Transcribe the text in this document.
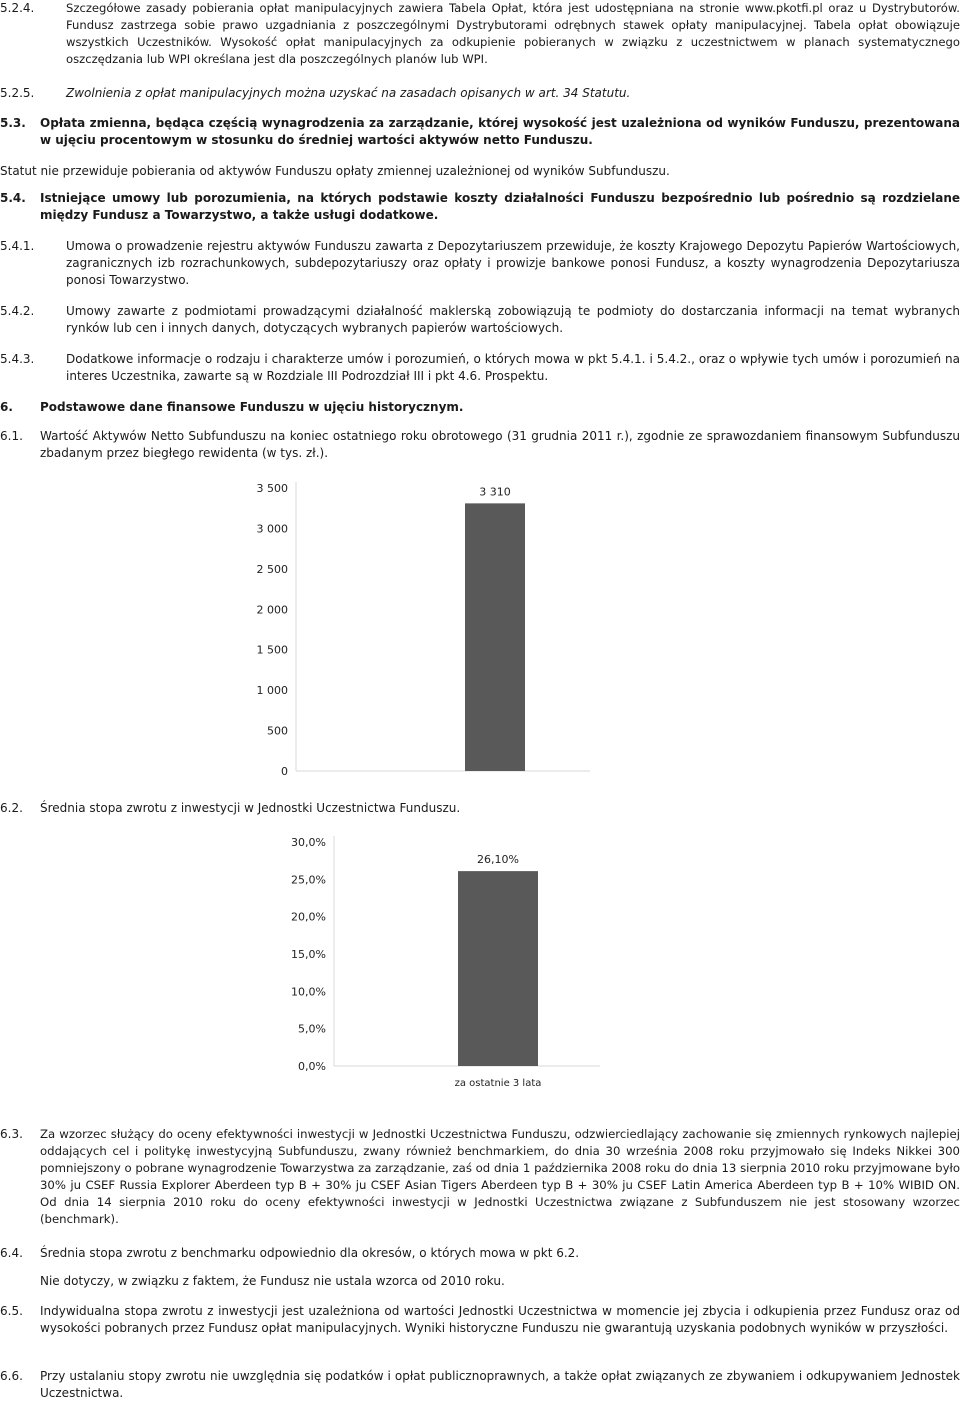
5.2.4.	Szczegółowe zasady pobierania opłat manipulacyjnych zawiera Tabela Opłat, która jest udostępniana na stronie www.pkotfi.pl oraz u Dystrybutorów. Fundusz zastrzega sobie prawo uzgadniania z poszczególnymi Dystrybutorami odrębnych stawek opłaty manipulacyjnej. Tabela opłat obowiązuje wszystkich Uczestników. Wysokość opłat manipulacyjnych za odkupienie pobieranych w związku z uczestnictwem w planach systematycznego oszczędzania lub WPI określana jest dla poszczególnych planów lub WPI.
5.2.5.	Zwolnienia z opłat manipulacyjnych można uzyskać na zasadach opisanych w art. 34 Statutu.
5.3.	Opłata zmienna, będąca częścią wynagrodzenia za zarządzanie, której wysokość jest uzależniona od wyników Funduszu, prezentowana w ujęciu procentowym w stosunku do średniej wartości aktywów netto Funduszu.
Statut nie przewiduje pobierania od aktywów Funduszu opłaty zmiennej uzależnionej od wyników Subfunduszu.
5.4.	Istniejące umowy lub porozumienia, na których podstawie koszty działalności Funduszu bezpośrednio lub pośrednio są rozdzielane między Fundusz a Towarzystwo, a także usługi dodatkowe.
5.4.1.	Umowa o prowadzenie rejestru aktywów Funduszu zawarta z Depozytariuszem przewiduje, że koszty Krajowego Depozytu Papierów Wartościowych, zagranicznych izb rozrachunkowych, subdepozytariuszy oraz opłaty i prowizje bankowe ponosi Fundusz, a koszty wynagrodzenia Depozytariusza ponosi Towarzystwo.
5.4.2.	Umowy zawarte z podmiotami prowadzącymi działalność maklerską zobowiązują te podmioty do dostarczania informacji na temat wybranych rynków lub cen i innych danych, dotyczących wybranych papierów wartościowych.
5.4.3.	Dodatkowe informacje o rodzaju i charakterze umów i porozumień, o których mowa w pkt 5.4.1. i 5.4.2., oraz o wpływie tych umów i porozumień na interes Uczestnika, zawarte są w Rozdziale III Podrozdział III i pkt 4.6. Prospektu.
6.	Podstawowe dane finansowe Funduszu w ujęciu historycznym.
6.1.	Wartość Aktywów Netto Subfunduszu na koniec ostatniego roku obrotowego (31 grudnia 2011 r.), zgodnie ze sprawozdaniem finansowym Subfunduszu zbadanym przez biegłego rewidenta (w tys. zł.).
0
500
1 000
1 500
2 000
2 500
3 000
3 500	3 310
6.2.	Średnia stopa zwrotu z inwestycji w Jednostki Uczestnictwa Funduszu.
0,0%
5,0%
10,0%
15,0%
20,0%
25,0%
30,0%
26,10%
za ostatnie 3 lata
6.3.	Za wzorzec służący do oceny efektywności inwestycji w Jednostki Uczestnictwa Funduszu, odzwierciedlający zachowanie się zmiennych rynkowych najlepiej oddających cel i politykę inwestycyjną Subfunduszu, zwany również benchmarkiem, do dnia 30 września 2008 roku przyjmowało się Indeks Nikkei 300 pomniejszony o pobrane wynagrodzenie Towarzystwa za zarządzanie, zaś od dnia 1 października 2008 roku do dnia 13 sierpnia 2010 roku przyjmowane było 30% ju CSEF Russia Explorer Aberdeen typ B + 30% ju CSEF Asian Tigers Aberdeen typ B + 30% ju CSEF Latin America Aberdeen typ B + 10% WIBID ON. Od dnia 14 sierpnia 2010 roku do oceny efektywności inwestycji w Jednostki Uczestnictwa związane z Subfunduszem nie jest stosowany wzorzec (benchmark).
6.4.	Średnia stopa zwrotu z benchmarku odpowiednio dla okresów, o których mowa w pkt 6.2.
Nie dotyczy, w związku z faktem, że Fundusz nie ustala wzorca od 2010 roku.
6.5.	Indywidualna stopa zwrotu z inwestycji jest uzależniona od wartości Jednostki Uczestnictwa w momencie jej zbycia i odkupienia przez Fundusz oraz od wysokości pobranych przez Fundusz opłat manipulacyjnych. Wyniki historyczne Funduszu nie gwarantują uzyskania podobnych wyników w przyszłości.
6.6.	Przy ustalaniu stopy zwrotu nie uwzględnia się podatków i opłat publicznoprawnych, a także opłat związanych ze zbywaniem i odkupywaniem Jednostek Uczestnictwa.
